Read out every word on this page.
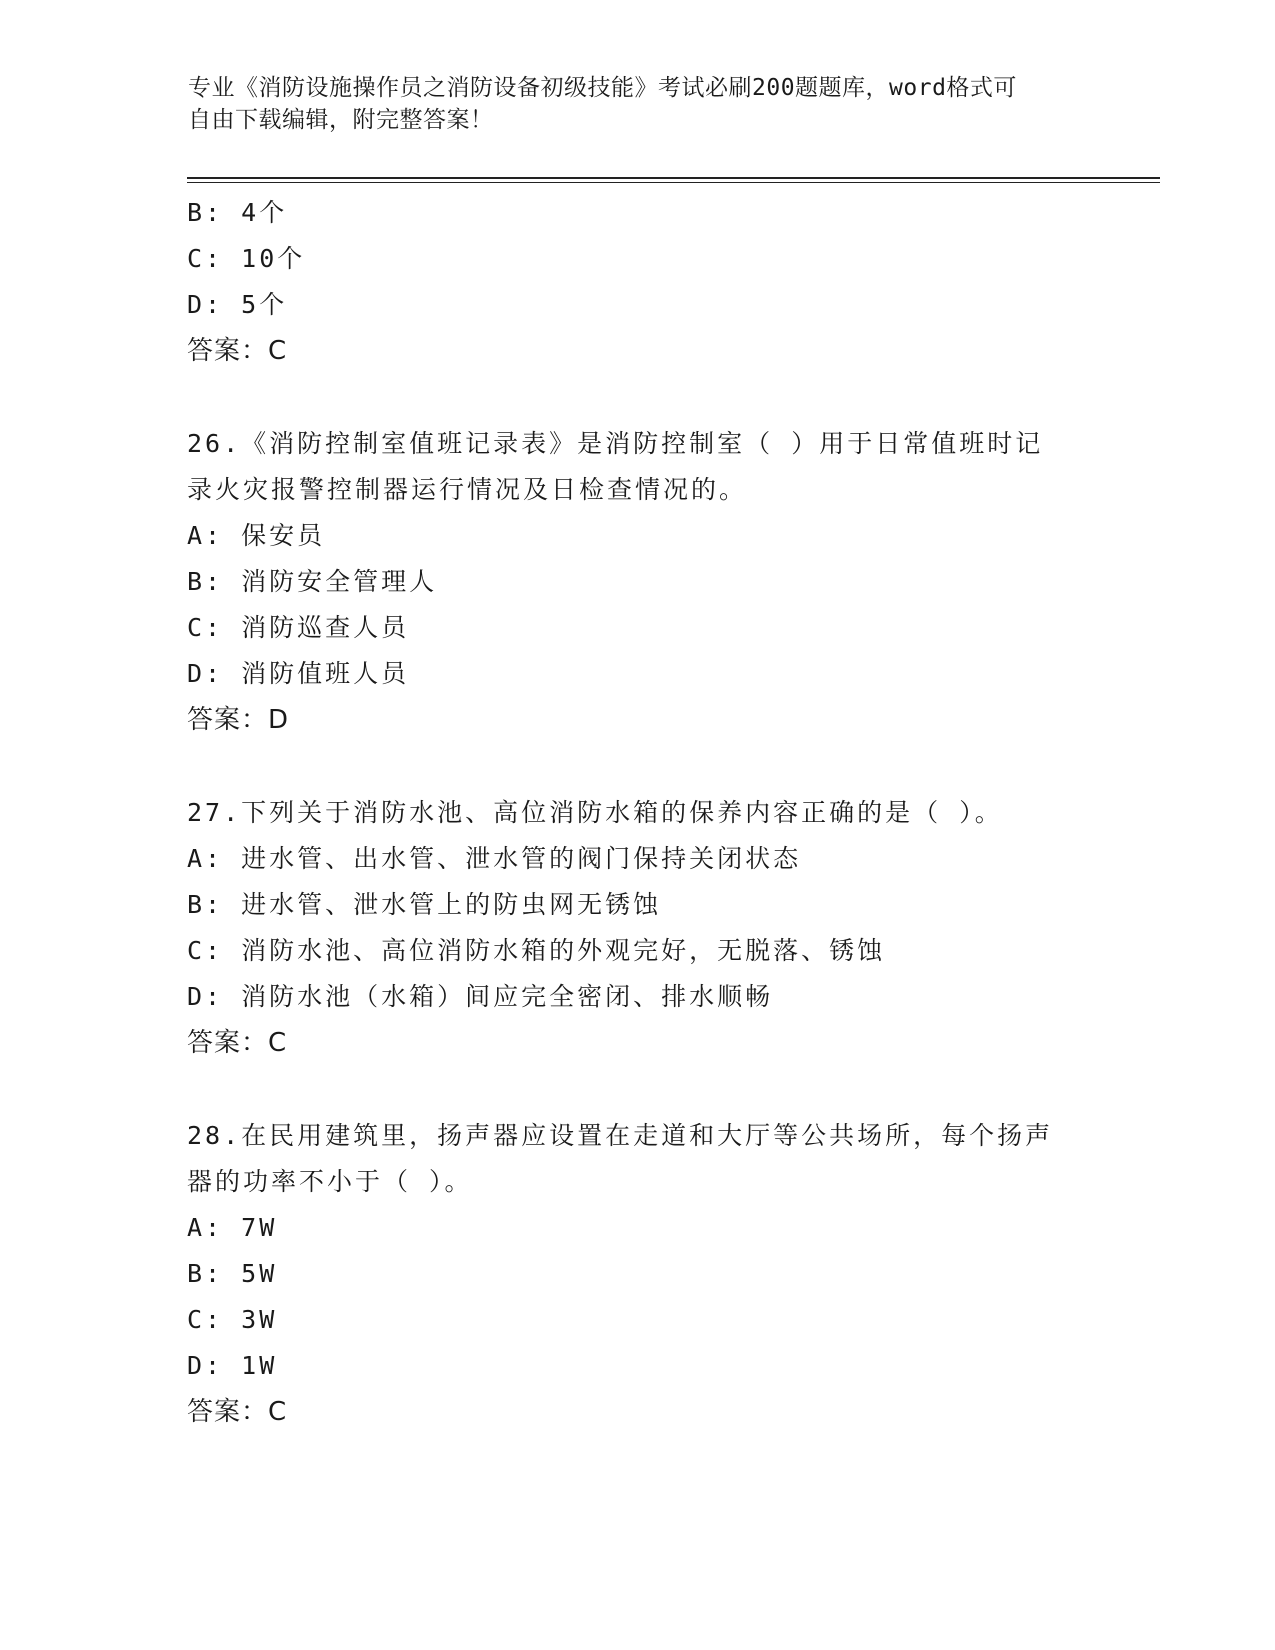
专业《消防设施操作员之消防设备初级技能》考试必刷200题题库，word格式可
自由下载编辑，附完整答案！
B: 4个
C: 10个
D: 5个
答案：C
26.《消防控制室值班记录表》是消防控制室（ ）用于日常值班时记
录火灾报警控制器运行情况及日检查情况的。
A: 保安员
B: 消防安全管理人
C: 消防巡查人员
D: 消防值班人员
答案：D
27.下列关于消防水池、高位消防水箱的保养内容正确的是（ ）。
A: 进水管、出水管、泄水管的阀门保持关闭状态
B: 进水管、泄水管上的防虫网无锈蚀
C: 消防水池、高位消防水箱的外观完好，无脱落、锈蚀
D: 消防水池（水箱）间应完全密闭、排水顺畅
答案：C
28.在民用建筑里，扬声器应设置在走道和大厅等公共场所，每个扬声
器的功率不小于（ ）。
A: 7W
B: 5W
C: 3W
D: 1W
答案：C
